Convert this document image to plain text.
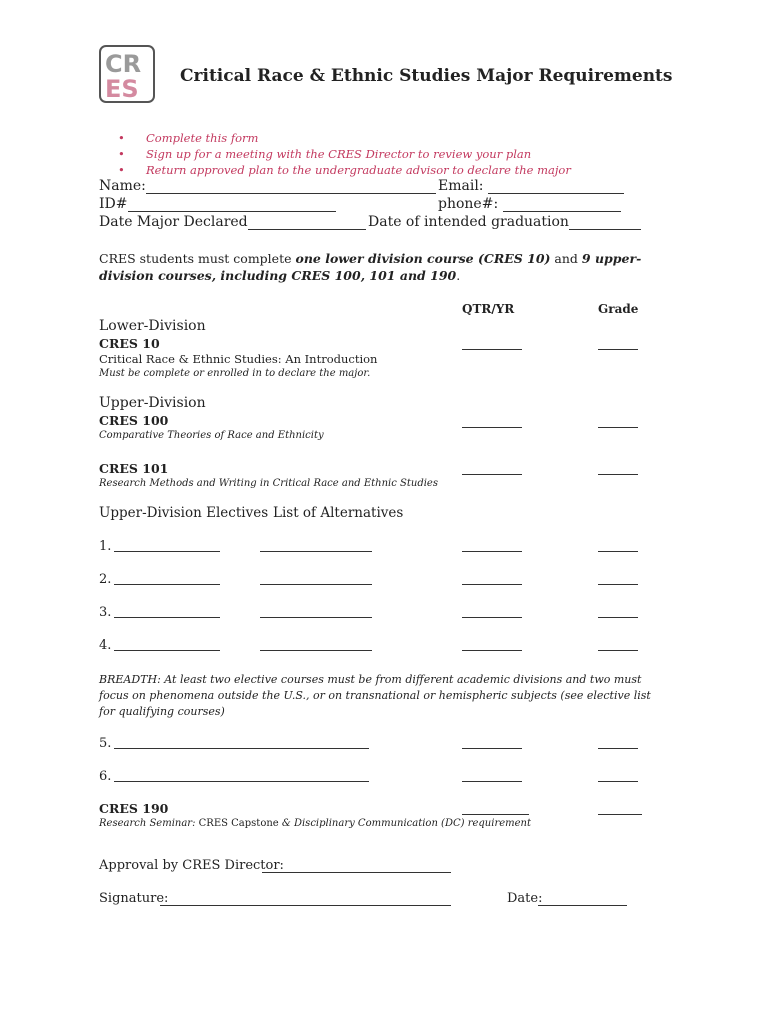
CR
ES Critical Race & Ethnic Studies Major Requirements
•	Complete this form
•	Sign up for a meeting with the CRES Director to review your plan
•	Return approved plan to the undergraduate advisor to declare the major
Name:	Email:
ID#	phone#:
Date Major Declared	Date of intended graduation
CRES students must complete one lower division course (CRES 10) and 9 upper-division courses, including CRES 100, 101 and 190.
QTR/YR	Grade
Lower-Division
CRES 10
Critical Race & Ethnic Studies: An Introduction
Must be complete or enrolled in to declare the major.
Upper-Division
CRES 100
Comparative Theories of Race and Ethnicity
CRES 101
Research Methods and Writing in Critical Race and Ethnic Studies
Upper-Division Electives List of Alternatives
1.
2.
3.
4.
BREADTH: At least two elective courses must be from different academic divisions and two must focus on phenomena outside the U.S., or on transnational or hemispheric subjects (see elective list for qualifying courses)
5.
6.
CRES 190
Research Seminar: CRES Capstone & Disciplinary Communication (DC) requirement
Approval by CRES Director:
Signature:	Date:
